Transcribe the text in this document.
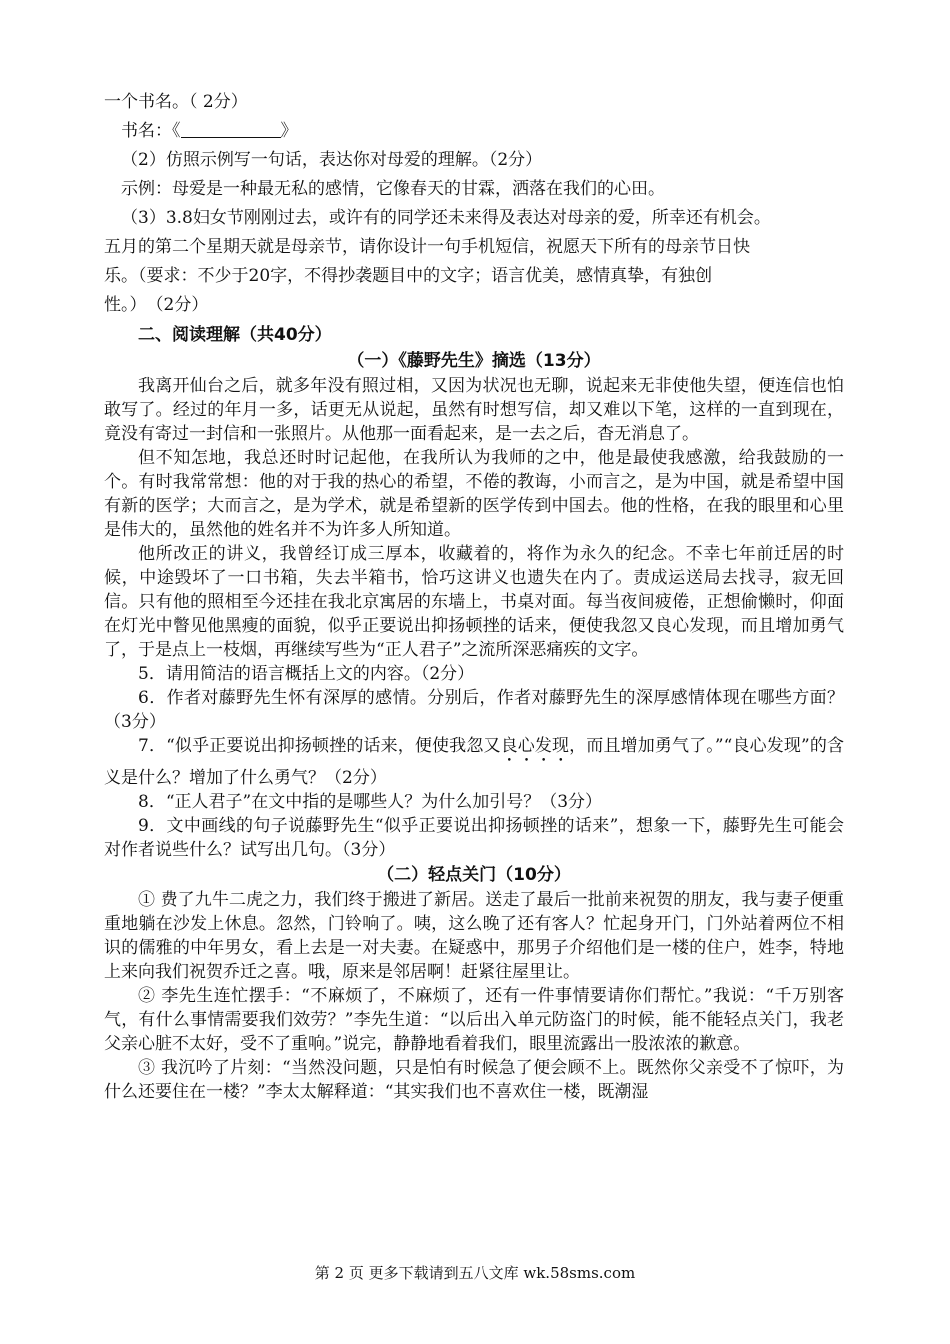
一个书名。（ 2分）

书名：《	》

（2）仿照示例写一句话，表达你对母爱的理解。（2分）

示例：母爱是一种最无私的感情，它像春天的甘霖，洒落在我们的心田。

（3）3.8妇女节刚刚过去，或许有的同学还未来得及表达对母亲的爱，所幸还有机会。

五月的第二个星期天就是母亲节，请你设计一句手机短信，祝愿天下所有的母亲节日快

乐。（要求：不少于20字，不得抄袭题目中的文字；语言优美，感情真挚，有独创

性。）　（2分）

二、阅读理解（共40分）

（一）《藤野先生》摘选（13分）

我离开仙台之后，就多年没有照过相，又因为状况也无聊，说起来无非使他失望，便连信也怕敢写了。经过的年月一多，话更无从说起，虽然有时想写信，却又难以下笔，这样的一直到现在，竟没有寄过一封信和一张照片。从他那一面看起来，是一去之后，杳无消息了。

但不知怎地，我总还时时记起他，在我所认为我师的之中，他是最使我感激，给我鼓励的一个。有时我常常想：他的对于我的热心的希望，不倦的教诲，小而言之，是为中国，就是希望中国有新的医学；大而言之，是为学术，就是希望新的医学传到中国去。他的性格，在我的眼里和心里是伟大的，虽然他的姓名并不为许多人所知道。

他所改正的讲义，我曾经订成三厚本，收藏着的，将作为永久的纪念。不幸七年前迁居的时候，中途毁坏了一口书箱，失去半箱书，恰巧这讲义也遗失在内了。责成运送局去找寻，寂无回信。只有他的照相至今还挂在我北京寓居的东墙上，书桌对面。每当夜间疲倦，正想偷懒时，仰面在灯光中瞥见他黑瘦的面貌，似乎正要说出抑扬顿挫的话来，便使我忽又良心发现，而且增加勇气了，于是点上一枝烟，再继续写些为“正人君子”之流所深恶痛疾的文字。

5．请用简洁的语言概括上文的内容。（2分）

6．作者对藤野先生怀有深厚的感情。分别后，作者对藤野先生的深厚感情体现在哪些方面？　（3分）

7．“似乎正要说出抑扬顿挫的话来，便使我忽又良心发现，而且增加勇气了。”“良心发现”的含义是什么？增加了什么勇气？（2分）

8．“正人君子”在文中指的是哪些人？为什么加引号？（3分）

9．文中画线的句子说藤野先生“似乎正要说出抑扬顿挫的话来”，想象一下，藤野先生可能会对作者说些什么？试写出几句。（3分）

（二）轻点关门（10分）

① 费了九牛二虎之力，我们终于搬进了新居。送走了最后一批前来祝贺的朋友，我与妻子便重重地躺在沙发上休息。忽然，门铃响了。咦，这么晚了还有客人？忙起身开门，门外站着两位不相识的儒雅的中年男女，看上去是一对夫妻。在疑惑中，那男子介绍他们是一楼的住户，姓李，特地上来向我们祝贺乔迁之喜。哦，原来是邻居啊！赶紧往屋里让。

② 李先生连忙摆手：“不麻烦了，不麻烦了，还有一件事情要请你们帮忙。”我说：“千万别客气，有什么事情需要我们效劳？”李先生道：“以后出入单元防盗门的时候，能不能轻点关门，我老父亲心脏不太好，受不了重响。”说完，静静地看着我们，眼里流露出一股浓浓的歉意。

③ 我沉吟了片刻：“当然没问题，只是怕有时候急了便会顾不上。既然你父亲受不了惊吓，为什么还要住在一楼？”李太太解释道：“其实我们也不喜欢住一楼，既潮湿

第 2 页 更多下载请到五八文库 wk.58sms.com
